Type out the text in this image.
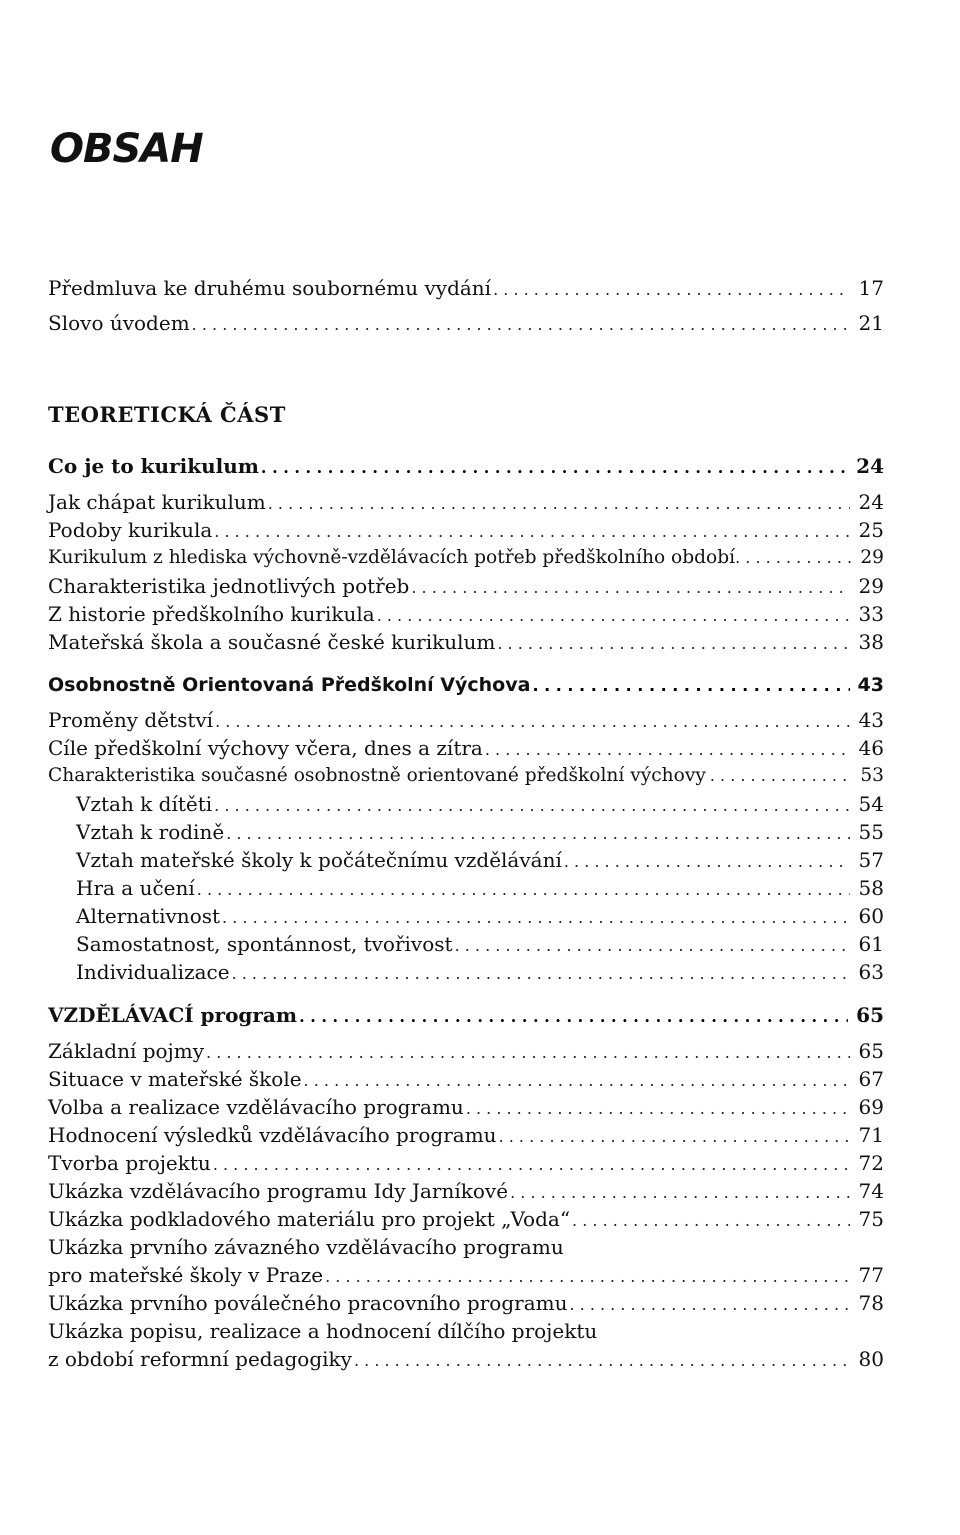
OBSAH
Předmluva ke druhému soubornému vydání . . .	17
Slovo úvodem . . .	21
TEORETICKÁ ČÁST
Co je to kurikulum . . .	24
Jak chápat kurikulum . . .	24
Podoby kurikula . . .	25
Kurikulum z hlediska výchovně-vzdělávacích potřeb předškolního období . . .	29
Charakteristika jednotlivých potřeb . . .	29
Z historie předškolního kurikula . . .	33
Mateřská škola a současné české kurikulum . . .	38
Osobnostně Orientovaná Předškolní Výchova . . .	43
Proměny dětství . . .	43
Cíle předškolní výchovy včera, dnes a zítra . . .	46
Charakteristika současné osobnostně orientované předškolní výchovy . . .	53
Vztah k dítěti . . .	54
Vztah k rodině . . .	55
Vztah mateřské školy k počátečnímu vzdělávání . . .	57
Hra a učení . . .	58
Alternativnost . . .	60
Samostatnost, spontánnost, tvořivost . . .	61
Individualizace . . .	63
VZDĚLÁVACÍ program . . .	65
Základní pojmy . . .	65
Situace v mateřské škole . . .	67
Volba a realizace vzdělávacího programu . . .	69
Hodnocení výsledků vzdělávacího programu . . .	71
Tvorba projektu . . .	72
Ukázka vzdělávacího programu Idy Jarníkové . . .	74
Ukázka podkladového materiálu pro projekt „Voda“ . . .	75
Ukázka prvního závazného vzdělávacího programu
pro mateřské školy v Praze . . .	77
Ukázka prvního poválečného pracovního programu . . .	78
Ukázka popisu, realizace a hodnocení dílčího projektu
z období reformní pedagogiky . . .	80
